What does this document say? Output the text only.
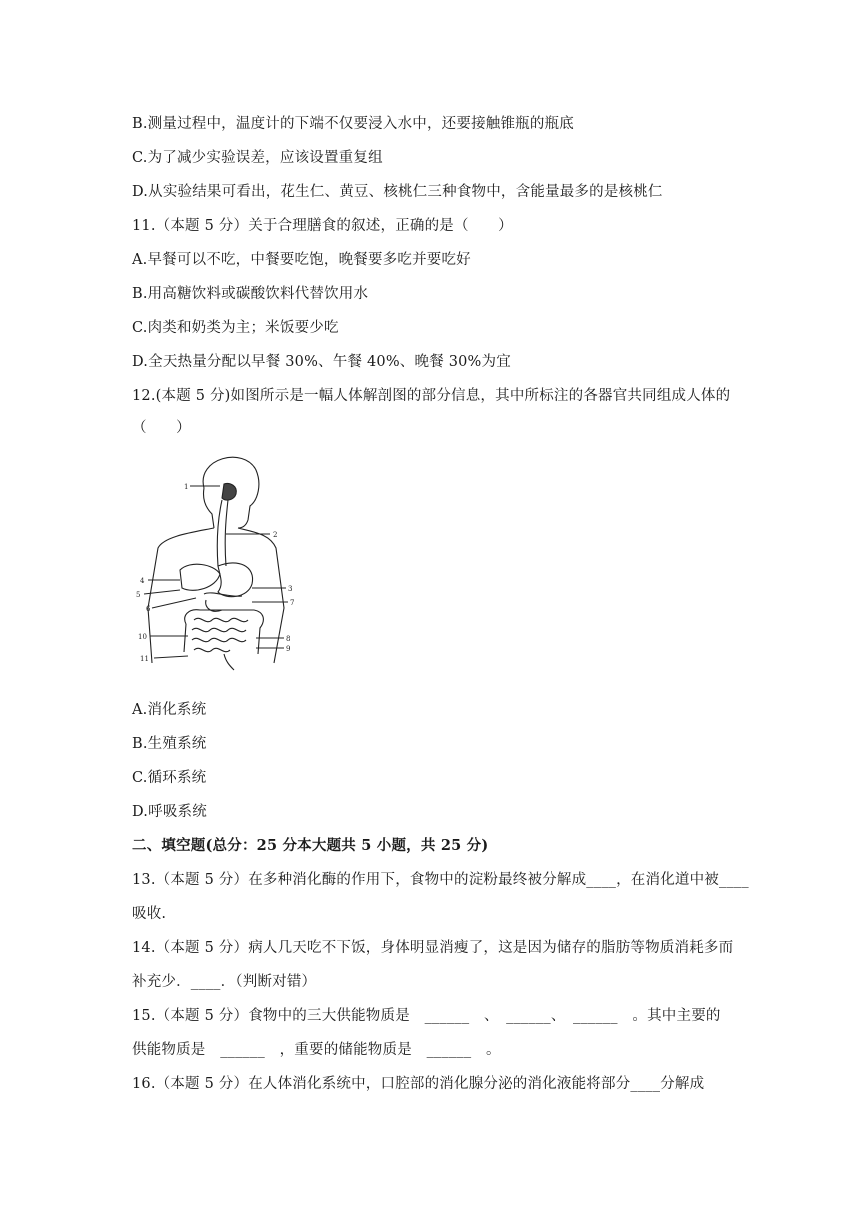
B.测量过程中，温度计的下端不仅要浸入水中，还要接触锥瓶的瓶底
C.为了减少实验误差，应该设置重复组
D.从实验结果可看出，花生仁、黄豆、核桃仁三种食物中，含能量最多的是核桃仁
11.（本题 5 分）关于合理膳食的叙述，正确的是（　　）
A.早餐可以不吃，中餐要吃饱，晚餐要多吃并要吃好
B.用高糖饮料或碳酸饮料代替饮用水
C.肉类和奶类为主；米饭要少吃
D.全天热量分配以早餐 30%、午餐 40%、晚餐 30%为宜
12.(本题 5 分)如图所示是一幅人体解剖图的部分信息，其中所标注的各器官共同组成人体的
（　　）
1
2
3
4
5
6
7
8
9
10
11
A.消化系统
B.生殖系统
C.循环系统
D.呼吸系统
二、填空题(总分：25 分本大题共 5 小题，共 25 分)
13.（本题 5 分）在多种消化酶的作用下，食物中的淀粉最终被分解成____，在消化道中被____
吸收.
14.（本题 5 分）病人几天吃不下饭，身体明显消瘦了，这是因为储存的脂肪等物质消耗多而
补充少．____．（判断对错）
15.（本题 5 分）食物中的三大供能物质是　______　、　______、　______　。其中主要的
供能物质是　______　，重要的储能物质是　______　。
16.（本题 5 分）在人体消化系统中，口腔部的消化腺分泌的消化液能将部分____分解成
